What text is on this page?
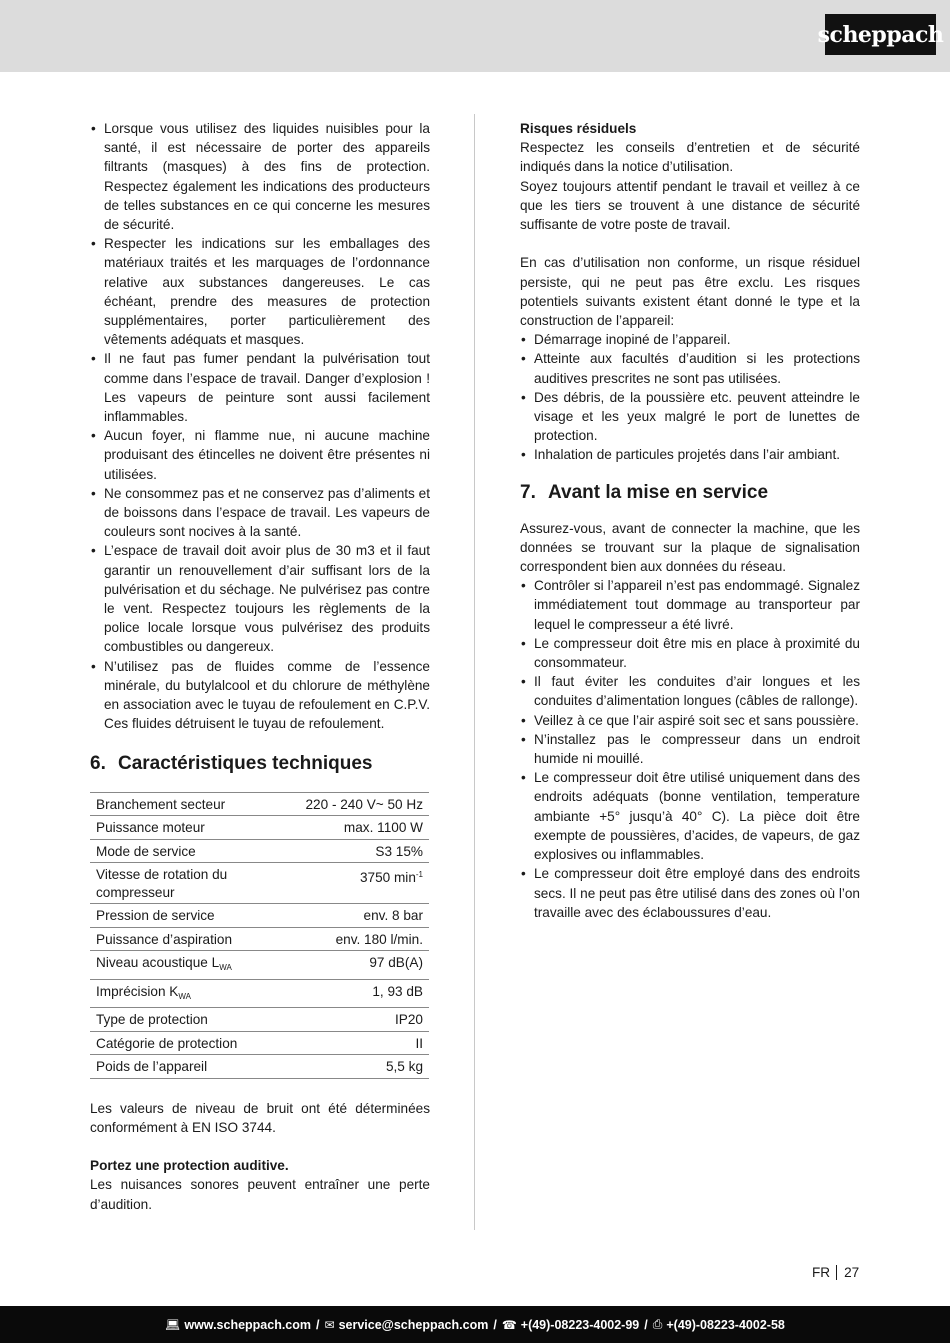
scheppach
• Lorsque vous utilisez des liquides nuisibles pour la santé, il est nécessaire de porter des appareils filtrants (masques) à des fins de protection. Respectez également les indications des producteurs de telles substances en ce qui concerne les mesures de sécurité.
• Respecter les indications sur les emballages des matériaux traités et les marquages de l’ordonnance relative aux substances dangereuses. Le cas échéant, prendre des measures de protection supplémentaires, porter particulièrement des vêtements adéquats et masques.
• Il ne faut pas fumer pendant la pulvérisation tout comme dans l’espace de travail. Danger d’explosion ! Les vapeurs de peinture sont aussi facilement inflammables.
• Aucun foyer, ni flamme nue, ni aucune machine produisant des étincelles ne doivent être présentes ni utilisées.
• Ne consommez pas et ne conservez pas d’aliments et de boissons dans l’espace de travail. Les vapeurs de couleurs sont nocives à la santé.
• L’espace de travail doit avoir plus de 30 m3 et il faut garantir un renouvellement d’air suffisant lors de la pulvérisation et du séchage. Ne pulvérisez pas contre le vent. Respectez toujours les règlements de la police locale lorsque vous pulvérisez des produits combustibles ou dangereux.
• N’utilisez pas de fluides comme de l’essence minérale, du butylalcool et du chlorure de méthylène en association avec le tuyau de refoulement en C.P.V. Ces fluides détruisent le tuyau de refoulement.
6. Caractéristiques techniques
Branchement secteur	220 - 240 V~ 50 Hz
Puissance moteur	max. 1100 W
Mode de service	S3 15%
Vitesse de rotation du compresseur	3750 $\min^{-1}$
Pression de service	env. 8 bar
Puissance d’aspiration	env. 180 l/min.
Niveau acoustique $L_{WA}$	97 dB(A)
Imprécision $K_{WA}$	1, 93 dB
Type de protection	IP20
Catégorie de protection	II
Poids de l’appareil	5,5 kg

Les valeurs de niveau de bruit ont été déterminées conformément à EN ISO 3744.

Portez une protection auditive.

Les nuisances sonores peuvent entraîner une perte d’audition.

Risques résiduels

Respectez les conseils d’entretien et de sécurité indiqués dans la notice d’utilisation.

Soyez toujours attentif pendant le travail et veillez à ce que les tiers se trouvent à une distance de sécurité suffisante de votre poste de travail.

En cas d’utilisation non conforme, un risque résiduel persiste, qui ne peut pas être exclu. Les risques potentiels suivants existent étant donné le type et la construction de l’appareil:

• Démarrage inopiné de l’appareil.
• Atteinte aux facultés d’audition si les protections auditives prescrites ne sont pas utilisées.
• Des débris, de la poussière etc. peuvent atteindre le visage et les yeux malgré le port de lunettes de protection.
• Inhalation de particules projetés dans l’air ambiant.
7. Avant la mise en service

Assurez-vous, avant de connecter la machine, que les données se trouvant sur la plaque de signalisation correspondent bien aux données du réseau.

• Contrôler si l’appareil n’est pas endommagé. Signalez immédiatement tout dommage au transporteur par lequel le compresseur a été livré.
• Le compresseur doit être mis en place à proximité du consommateur.
• Il faut éviter les conduites d’air longues et les conduites d’alimentation longues (câbles de rallonge).
• Veillez à ce que l’air aspiré soit sec et sans poussière.
• N’installez pas le compresseur dans un endroit humide ni mouillé.
• Le compresseur doit être utilisé uniquement dans des endroits adéquats (bonne ventilation, temperature ambiante +5° jusqu’à 40° C). La pièce doit être exempte de poussières, d’acides, de vapeurs, de gaz explosives ou inflammables.
• Le compresseur doit être employé dans des endroits secs. Il ne peut pas être utilisé dans des zones où l’on travaille avec des éclaboussures d’eau.
FR 27
💻︎ www.scheppach.com / ✉︎ service@scheppach.com / ☎︎ +(49)-08223-4002-99 / ⎙ +(49)-08223-4002-58
